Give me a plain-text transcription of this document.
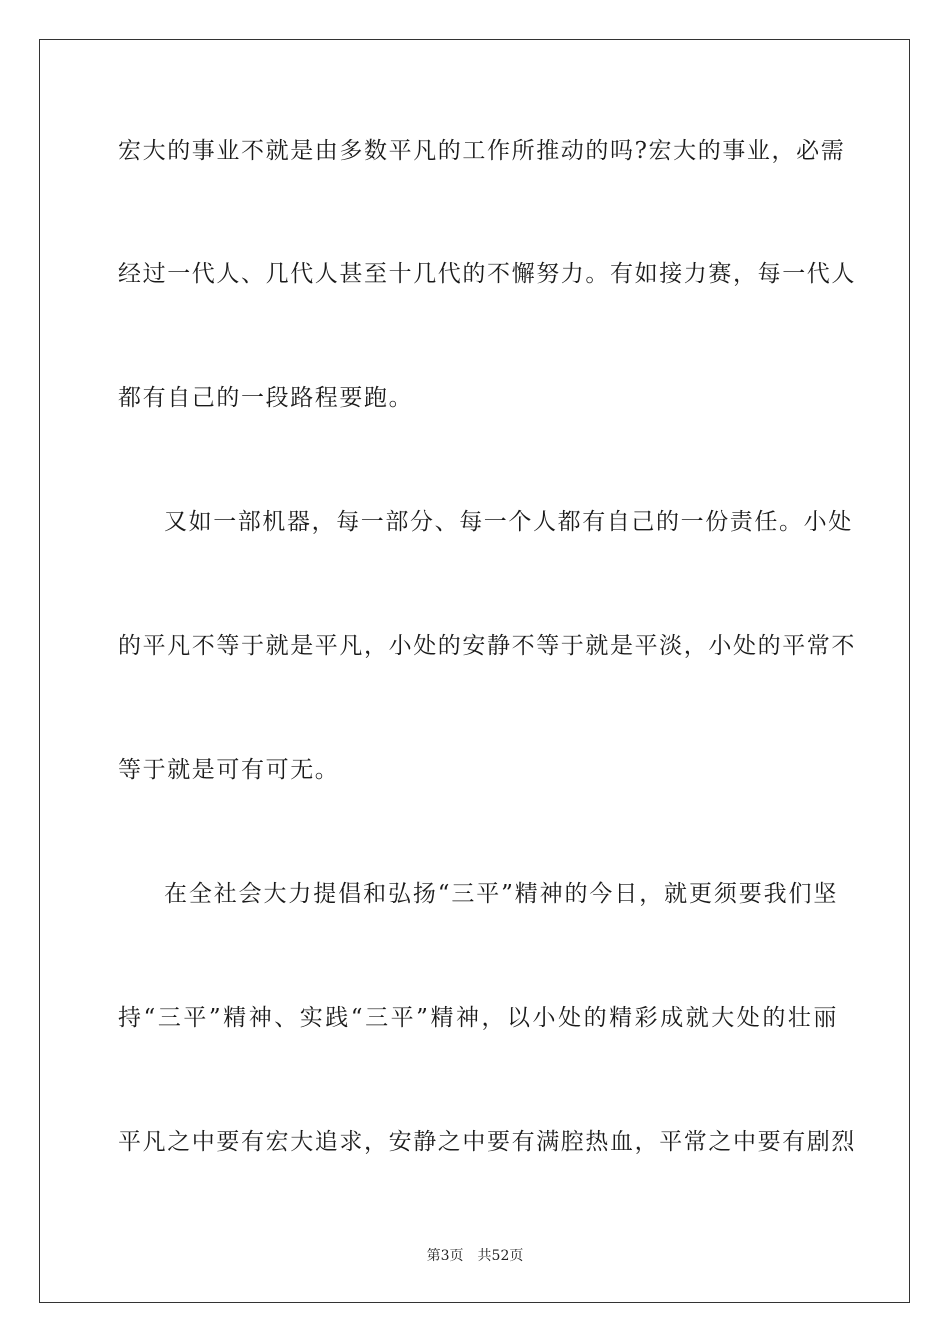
宏大的事业不就是由多数平凡的工作所推动的吗?宏大的事业，必需
经过一代人、几代人甚至十几代的不懈努力。有如接力赛，每一代人
都有自己的一段路程要跑。
又如一部机器，每一部分、每一个人都有自己的一份责任。小处
的平凡不等于就是平凡，小处的安静不等于就是平淡，小处的平常不
等于就是可有可无。
在全社会大力提倡和弘扬“三平”精神的今日，就更须要我们坚
持“三平”精神、实践“三平”精神，以小处的精彩成就大处的壮丽
平凡之中要有宏大追求，安静之中要有满腔热血，平常之中要有剧烈
第3页 共52页
